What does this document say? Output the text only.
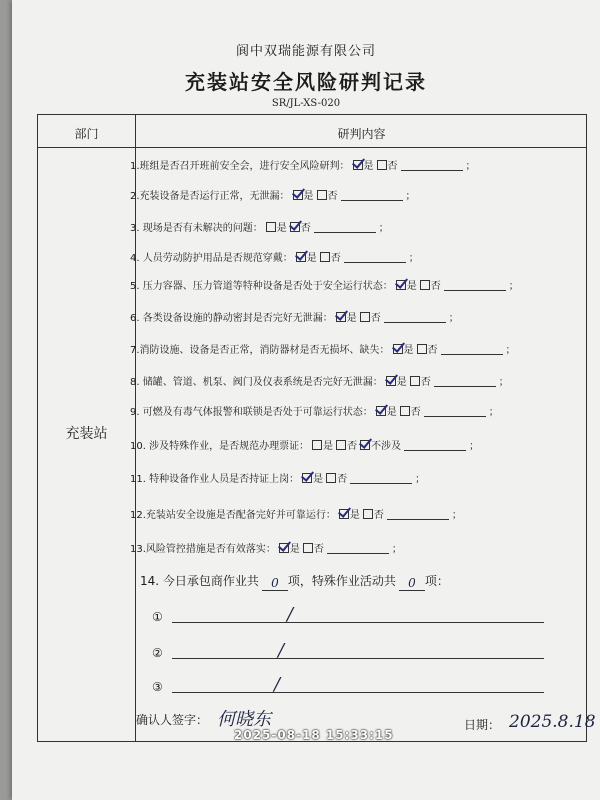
阆中双瑞能源有限公司
充装站安全风险研判记录
SR/JL-XS-020
部门	研判内容
充装站
1.班组是否召开班前安全会，进行安全风险研判： 是 否	；
2.充装设备是否运行正常，无泄漏： 是 否	；
3. 现场是否有未解决的问题： 是 否	；
4. 人员劳动防护用品是否规范穿戴： 是 否	；
5. 压力容器、压力管道等特种设备是否处于安全运行状态： 是 否	；
6. 各类设备设施的静动密封是否完好无泄漏： 是 否	；
7.消防设施、设备是否正常，消防器材是否无损坏、缺失： 是 否	；
8. 储罐、管道、机泵、阀门及仪表系统是否完好无泄漏： 是 否	；
9. 可燃及有毒气体报警和联锁是否处于可靠运行状态： 是 否	；
10. 涉及特殊作业，是否规范办理票证： 是 否 不涉及	；
11. 特种设备作业人员是否持证上岗： 是 否	；
12.充装站安全设施是否配备完好并可靠运行： 是 否	；
13.风险管控措施是否有效落实： 是 否	；
14. 今日承包商作业共 0 项，特殊作业活动共 0 项：
①	/
②	/
③	/
确认人签字： 何晓东	日期： 2025.8.18
2025-08-18 15:33:15
